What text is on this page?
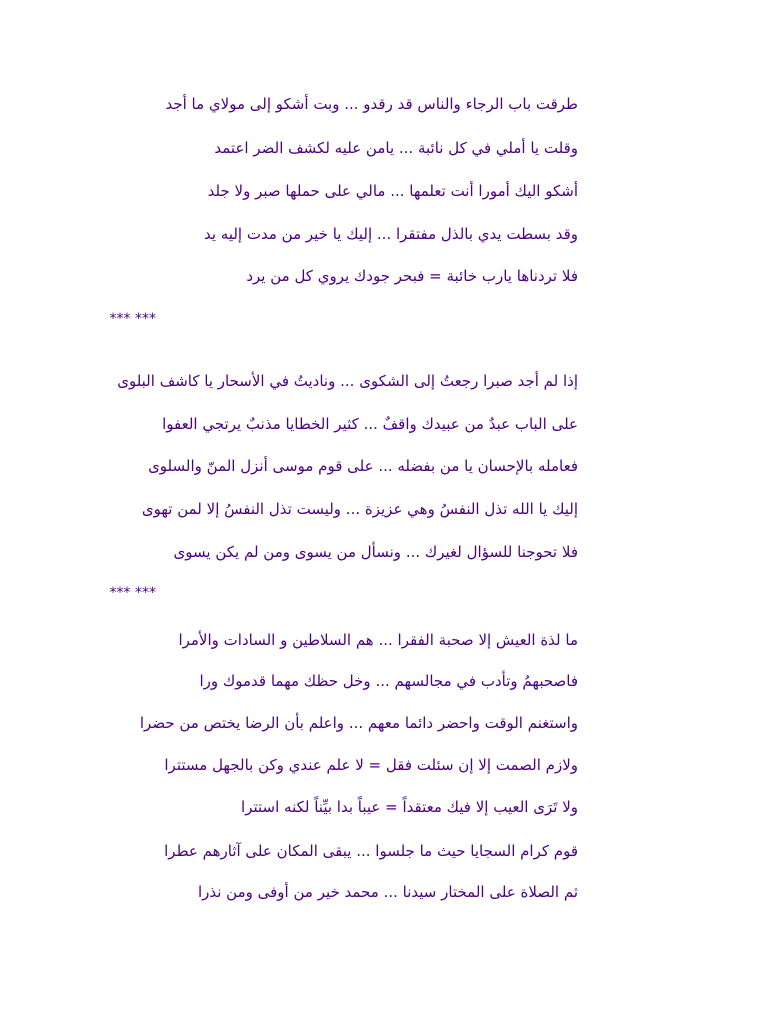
طرقت باب الرجاء والناس قد رقدو ... وبت أشكو إلى مولاي ما أجد
وقلت يا أملي في كل نائبة ... يامن عليه لكشف الضر اعتمد
أشكو اليك أمورا أنت تعلمها ... مالي على حملها صبر ولا جلد
وقد بسطت يدي بالذل مفتقرا ... إليك يا خير من مدت إليه يد
فلا تردناها يارب خائبة = فبحر جودك يروي كل من يرد
*** ***
إذا لم أجد صبرا رجعتُ إلى الشكوى ... وناديتُ في الأسحار يا كاشف البلوى
على الباب عبدٌ من عبيدك واقفٌ ... كثير الخطايا مذنبٌ يرتجي العفوا
فعامله بالإحسان يا من بفضله ... على قوم موسى أنزل المنّ والسلوى
إليك يا الله تذل النفسُ وهي عزيزة ... وليست تذل النفسُ إلا لمن تهوى
فلا تحوجنا للسؤال لغيرك ... ونسأل من يسوى ومن لم يكن يسوى
*** ***
ما لذة العيش إلا صحبة الفقرا ... هم السلاطين و السادات والأمرا
فاصحبهمُ وتأدب في مجالسهم ... وخل حظك مهما قدموك ورا
واستغنم الوقت واحضر دائما معهم ... واعلم بأن الرضا يختص من حضرا
ولازم الصمت إلا إن سئلت فقل = لا علم عندي وكن بالجهل مستترا
ولا تَرَى العيب إلا فيك معتقداً = عيباً بدا بيِّناً لكنه استترا
قوم كرام السجايا حيث ما جلسوا ... يبقى المكان على آثارهم عطرا
ثم الصلاة على المختار سيدنا ... محمد خير من أوفى ومن نذرا
